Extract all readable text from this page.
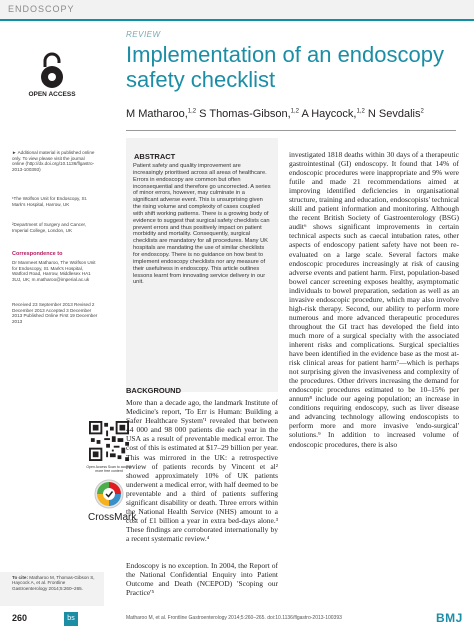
ENDOSCOPY
OPEN ACCESS
► Additional material is published online only. To view please visit the journal online (http://dx.doi.org/10.1136/flgastro-2013-100393)
¹The Wolfson Unit for Endoscopy, St. Mark's Hospital, Harrow, UK
²Department of Surgery and Cancer, Imperial College, London, UK
Correspondence to
Dr Manmeet Matharoo, The Wolfson Unit for Endoscopy, St. Mark's Hospital, Watford Road, Harrow, Middlesex HA1 3UJ, UK; m.matharoo@imperial.ac.uk
Received 23 September 2013 Revised 2 December 2013 Accepted 3 December 2013 Published Online First 19 December 2013
Open Access Scan to access more free content
CrossMark
To cite: Matharoo M, Thomas-Gibson S, Haycock A, et al. Frontline Gastroenterology 2014;5:260–265.
REVIEW
Implementation of an endoscopy safety checklist
M Matharoo,$^{1,2}$ S Thomas-Gibson,$^{1,2}$ A Haycock,$^{1,2}$ N Sevdalis$^2$
ABSTRACT

Patient safety and quality improvement are increasingly prioritised across all areas of healthcare. Errors in endoscopy are common but often inconsequential and therefore go uncorrected. A series of minor errors, however, may culminate in a significant adverse event. This is unsurprising given the rising volume and complexity of cases coupled with shift working patterns. There is a growing body of evidence to suggest that surgical safety checklists can prevent errors and thus positively impact on patient morbidity and mortality. Consequently, surgical checklists are mandatory for all procedures. Many UK hospitals are mandating the use of similar checklists for endoscopy. There is no guidance on how best to implement endoscopy checklists nor any measure of their usefulness in endoscopy. This article outlines lessons learnt from innovating service delivery in our unit.

BACKGROUND

More than a decade ago, the landmark Institute of Medicine's report, 'To Err is Human: Building a Safer Healthcare System'¹ revealed that between 44 000 and 98 000 patients die each year in the USA as a result of preventable medical error. The cost of this is estimated at $17–29 billion per year. This was mirrored in the UK: a retrospective review of patients records by Vincent et al² showed approximately 10% of UK patients underwent a medical error, with half deemed to be preventable and a third of patients suffering significant disability or death. Three errors within the National Health Service (NHS) amount to a cost of £1 billion a year in extra bed-days alone.³ These findings are corroborated internationally by a recent systematic review.⁴

Endoscopy is no exception. In 2004, the Report of the National Confidential Enquiry into Patient Outcome and Death (NCEPOD) 'Scoping our Practice'⁵

investigated 1818 deaths within 30 days of a therapeutic gastrointestinal (GI) endoscopy. It found that 14% of endoscopic procedures were inappropriate and 9% were futile and made 21 recommendations aimed at improving identified deficiencies in organisational structure, training and education, endoscopists' technical skill and patient information and monitoring. Although the recent British Society of Gastroenterology (BSG) audit⁶ shows significant improvements in certain technical aspects such as caecal intubation rates, other aspects of endoscopy patient safety have not been re-evaluated on a large scale. Several factors make endoscopic procedures increasingly at risk of causing adverse events and patient harm. First, population-based bowel cancer screening exposes healthy, asymptomatic individuals to bowel preparation, sedation as well as an invasive endoscopic procedure, which may also involve high-risk therapy. Second, our ability to perform more numerous and more advanced therapeutic procedures throughout the GI tract has developed the field into much more of a surgical specialty with the associated inherent risks and complications. Surgical specialties have been identified in the evidence base as the most at-risk clinical areas for patient harm⁷—which is perhaps not surprising given the invasiveness and complexity of the procedures. Other drivers increasing the demand for endoscopic procedures estimated to be 10–15% per annum⁸ include our ageing population; an increase in conditions requiring endoscopy, such as liver disease and advancing technology allowing endoscopists to perform more and more invasive 'endo-surgical' solutions.⁹ In addition to increased volume of endoscopic procedures, there is also

260	bs	Matharoo M, et al. Frontline Gastroenterology 2014;5:260–265. doi:10.1136/flgastro-2013-100393	BMJ
